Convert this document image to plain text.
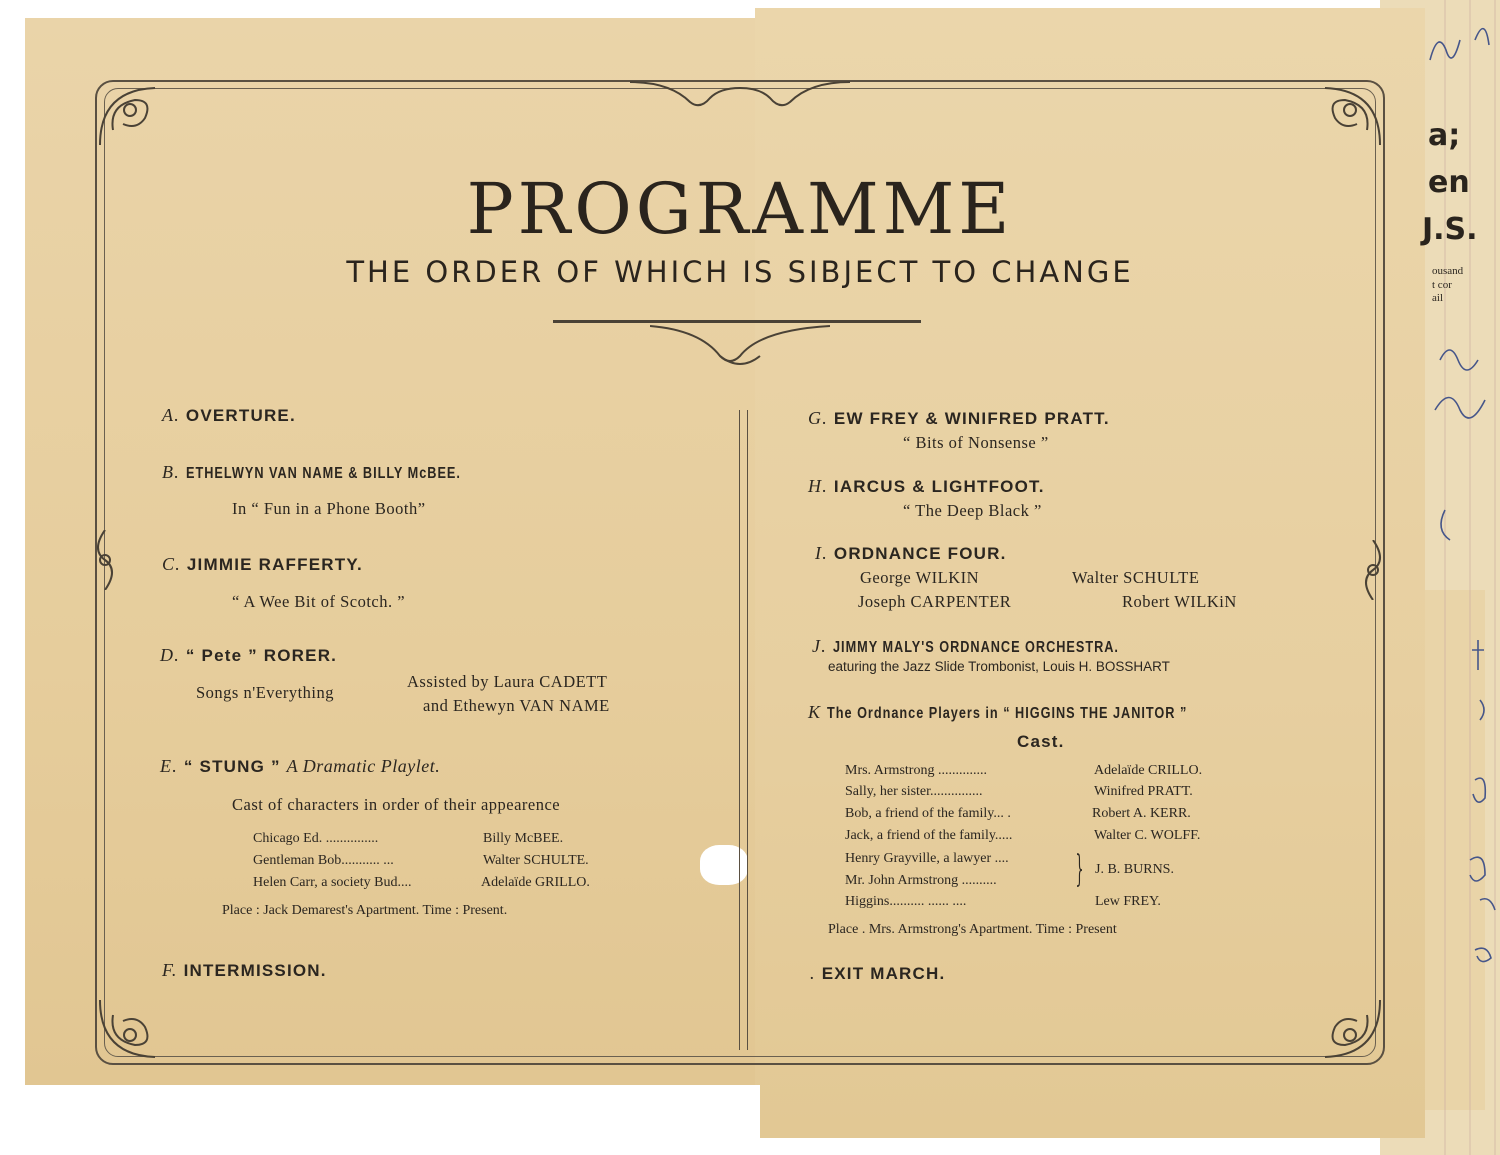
a;
en
J.S.
ousand
t cor
ail
PROGRAMME
THE ORDER OF WHICH IS SIBJECT TO CHANGE
A. OVERTURE.
B. ETHELWYN VAN NAME & BILLY McBEE.
In “ Fun in a Phone Booth”
C. JIMMIE RAFFERTY.
“ A Wee Bit of Scotch. ”
D. “ Pete ” RORER.
Songs n'Everything
Assisted by Laura CADETT
and Ethewyn VAN NAME
E. “ STUNG ” A Dramatic Playlet.
Cast of characters in order of their appearence
Chicago Ed. ...............	Billy McBEE.
Gentleman Bob........... ...	Walter SCHULTE.
Helen Carr, a society Bud....	Adelaïde GRILLO.
Place : Jack Demarest's Apartment. Time : Present.
F. INTERMISSION.
G. EW FREY & WINIFRED PRATT.
“ Bits of Nonsense ”
H. IARCUS & LIGHTFOOT.
“ The Deep Black ”
I. ORDNANCE FOUR.
George WILKIN	Walter SCHULTE
Joseph CARPENTER	Robert WILKiN
J. JIMMY MALY'S ORDNANCE ORCHESTRA.
eaturing the Jazz Slide Trombonist, Louis H. BOSSHART
K The Ordnance Players in “ HIGGINS THE JANITOR ”
Cast.
Mrs. Armstrong ..............	Adelaïde CRILLO.
Sally, her sister...............	Winifred PRATT.
Bob, a friend of the family... .	Robert A. KERR.
Jack, a friend of the family.....	Walter C. WOLFF.
Henry Grayville, a lawyer ....
Mr. John Armstrong .......... } J. B. BURNS.
Higgins.......... ...... ....	Lew FREY.
Place . Mrs. Armstrong's Apartment. Time : Present
. EXIT MARCH.
